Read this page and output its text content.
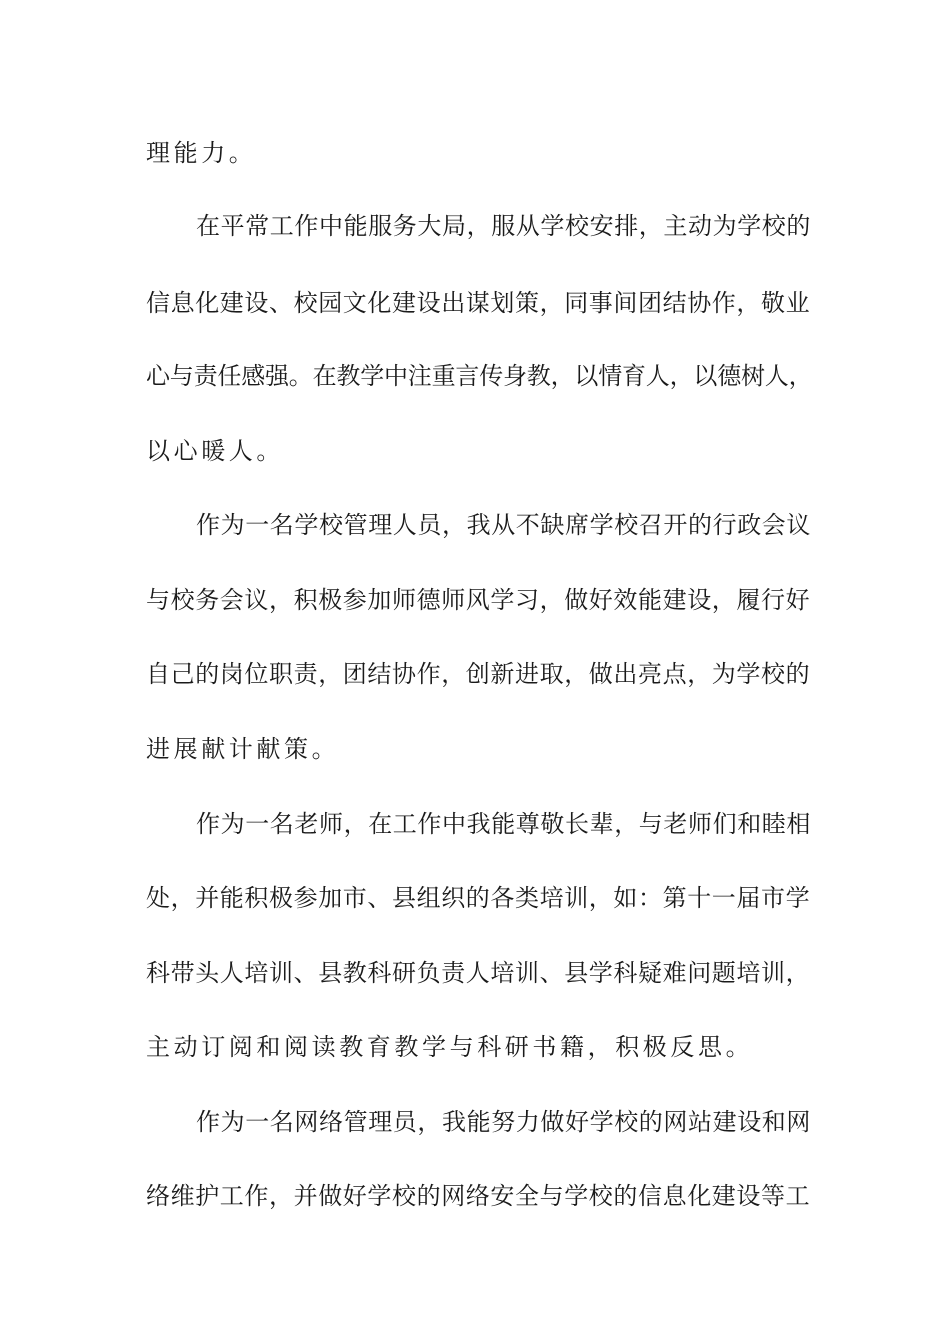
理能力。

在平常工作中能服务大局，服从学校安排，主动为学校的

信息化建设、校园文化建设出谋划策，同事间团结协作，敬业

心与责任感强。在教学中注重言传身教，以情育人，以德树人，

以心暖人。

作为一名学校管理人员，我从不缺席学校召开的行政会议

与校务会议，积极参加师德师风学习，做好效能建设，履行好

自己的岗位职责，团结协作，创新进取，做出亮点，为学校的

进展献计献策。

作为一名老师，在工作中我能尊敬长辈，与老师们和睦相

处，并能积极参加市、县组织的各类培训，如：第十一届市学

科带头人培训、县教科研负责人培训、县学科疑难问题培训，

主动订阅和阅读教育教学与科研书籍，积极反思。

作为一名网络管理员，我能努力做好学校的网站建设和网

络维护工作，并做好学校的网络安全与学校的信息化建设等工
